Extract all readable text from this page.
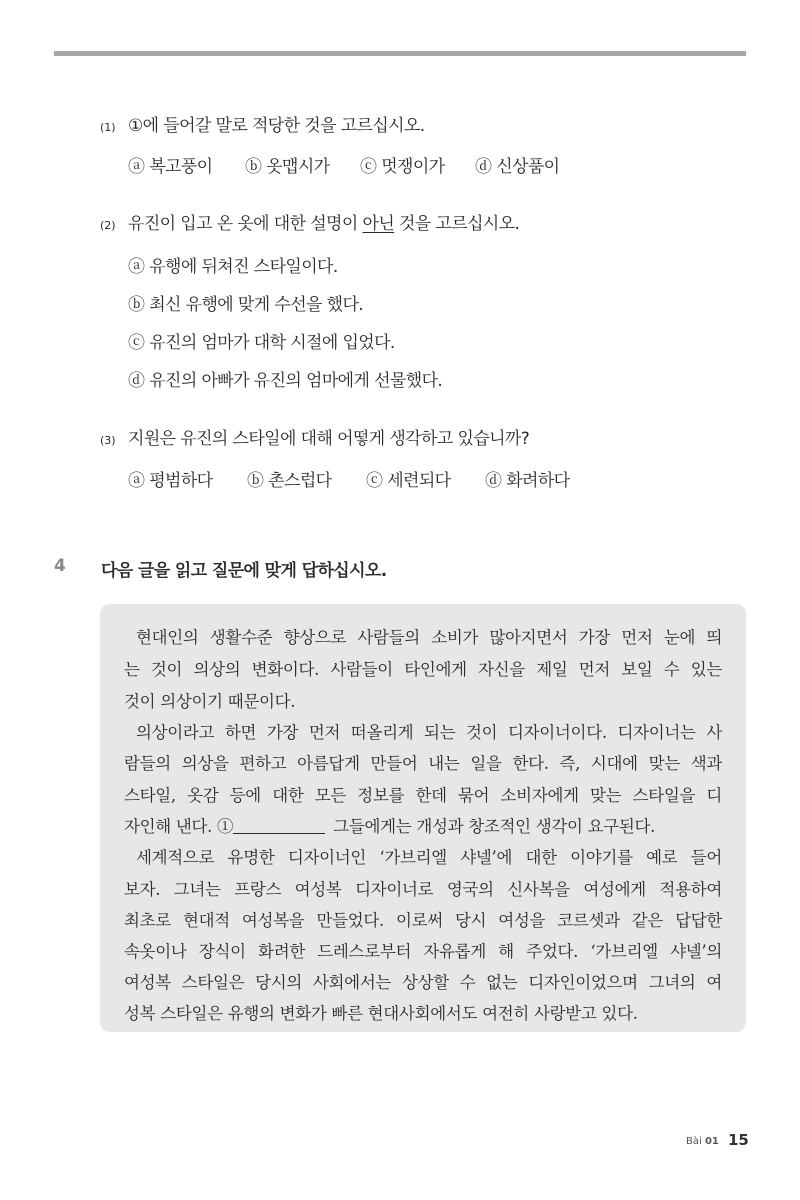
(1) ①에 들어갈 말로 적당한 것을 고르십시오.
ⓐ 복고풍이 ⓑ 옷맵시가 ⓒ 멋쟁이가 ⓓ 신상품이
(2) 유진이 입고 온 옷에 대한 설명이 아닌 것을 고르십시오.
ⓐ 유행에 뒤쳐진 스타일이다.
ⓑ 최신 유행에 맞게 수선을 했다.
ⓒ 유진의 엄마가 대학 시절에 입었다.
ⓓ 유진의 아빠가 유진의 엄마에게 선물했다.
(3) 지원은 유진의 스타일에 대해 어떻게 생각하고 있습니까?
ⓐ 평범하다 ⓑ 촌스럽다 ⓒ 세련되다 ⓓ 화려하다
4 다음 글을 읽고 질문에 맞게 답하십시오.
현대인의 생활수준 향상으로 사람들의 소비가 많아지면서 가장 먼저 눈에 띄
는 것이 의상의 변화이다. 사람들이 타인에게 자신을 제일 먼저 보일 수 있는
것이 의상이기 때문이다.
의상이라고 하면 가장 먼저 떠올리게 되는 것이 디자이너이다. 디자이너는 사
람들의 의상을 편하고 아름답게 만들어 내는 일을 한다. 즉, 시대에 맞는 색과
스타일, 옷감 등에 대한 모든 정보를 한데 묶어 소비자에게 맞는 스타일을 디
자인해 낸다. ①	그들에게는 개성과 창조적인 생각이 요구된다.
세계적으로 유명한 디자이너인 ‘가브리엘 샤넬’에 대한 이야기를 예로 들어
보자. 그녀는 프랑스 여성복 디자이너로 영국의 신사복을 여성에게 적용하여
최초로 현대적 여성복을 만들었다. 이로써 당시 여성을 코르셋과 같은 답답한
속옷이나 장식이 화려한 드레스로부터 자유롭게 해 주었다. ‘가브리엘 샤넬’의
여성복 스타일은 당시의 사회에서는 상상할 수 없는 디자인이었으며 그녀의 여
성복 스타일은 유행의 변화가 빠른 현대사회에서도 여전히 사랑받고 있다.
Bài 01 15
